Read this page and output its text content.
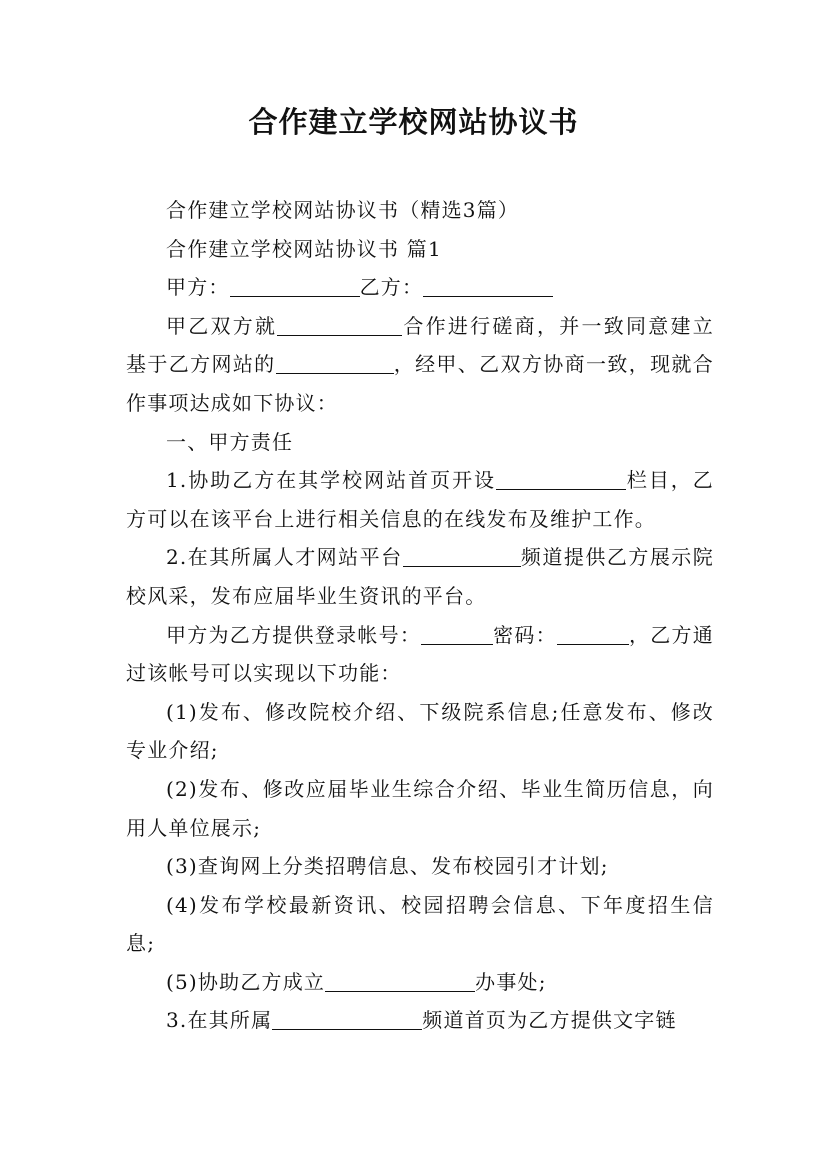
合作建立学校网站协议书

合作建立学校网站协议书（精选3篇）

合作建立学校网站协议书 篇1

甲方：	乙方：

甲乙双方就	合作进行磋商，并一致同意建立基于乙方网站的	，经甲、乙双方协商一致，现就合作事项达成如下协议：

一、甲方责任

1.协助乙方在其学校网站首页开设	栏目，乙方可以在该平台上进行相关信息的在线发布及维护工作。

2.在其所属人才网站平台	频道提供乙方展示院校风采，发布应届毕业生资讯的平台。

甲方为乙方提供登录帐号：	密码：	，乙方通过该帐号可以实现以下功能：

(1)发布、修改院校介绍、下级院系信息;任意发布、修改专业介绍;

(2)发布、修改应届毕业生综合介绍、毕业生简历信息，向用人单位展示;

(3)查询网上分类招聘信息、发布校园引才计划;

(4)发布学校最新资讯、校园招聘会信息、下年度招生信息;

(5)协助乙方成立	办事处;

3.在其所属	频道首页为乙方提供文字链
